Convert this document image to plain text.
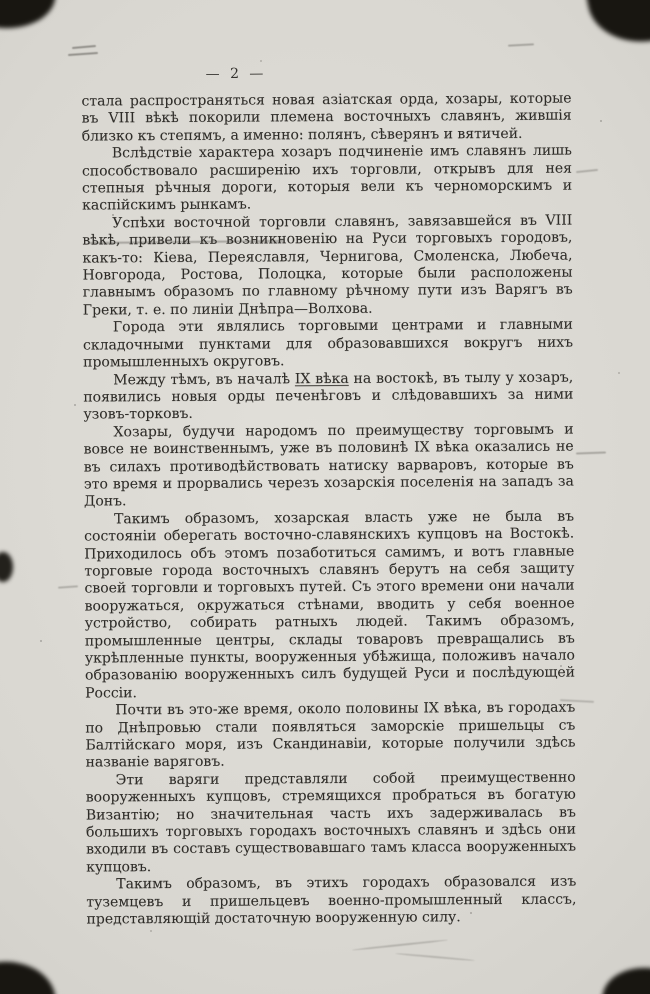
— 2 —

стала распространяться новая азіатская орда, хозары, которые въ VIII вѣкѣ покорили племена восточныхъ славянъ, жившія близко къ степямъ, а именно: полянъ, сѣверянъ и вятичей.

Вслѣдствіе характера хозаръ подчиненіе имъ славянъ лишь способствовало расширенію ихъ торговли, открывъ для нея степныя рѣчныя дороги, которыя вели къ черноморскимъ и каспійскимъ рынкамъ.

Успѣхи восточной торговли славянъ, завязавшейся въ VIII вѣкѣ, привели къ возникновенію на Руси торговыхъ городовъ, какъ-то: Кіева, Переяславля, Чернигова, Смоленска, Любеча, Новгорода, Ростова, Полоцка, которые были расположены главнымъ образомъ по главному рѣчному пути изъ Варягъ въ Греки, т. е. по линіи Днѣпра—Волхова.

Города эти являлись торговыми центрами и главными складочными пунктами для образовавшихся вокругъ нихъ промышленныхъ округовъ.

Между тѣмъ, въ началѣ IX вѣка на востокѣ, въ тылу у хозаръ, появились новыя орды печенѣговъ и слѣдовавшихъ за ними узовъ-торковъ.

Хозары, будучи народомъ по преимуществу торговымъ и вовсе не воинственнымъ, уже въ половинѣ IX вѣка оказались не въ силахъ противодѣйствовать натиску варваровъ, которые въ это время и прорвались черезъ хозарскія поселенія на западъ за Донъ.

Такимъ образомъ, хозарская власть уже не была въ состояніи оберегать восточно-славянскихъ купцовъ на Востокѣ. Приходилось объ этомъ позаботиться самимъ, и вотъ главные торговые города восточныхъ славянъ берутъ на себя защиту своей торговли и торговыхъ путей. Съ этого времени они начали вооружаться, окружаться стѣнами, вводить у себя военное устройство, собирать ратныхъ людей. Такимъ образомъ, промышленные центры, склады товаровъ превращались въ укрѣпленные пункты, вооруженныя убѣжища, положивъ начало образованію вооруженныхъ силъ будущей Руси и послѣдующей Россіи.

Почти въ это-же время, около половины IX вѣка, въ городахъ по Днѣпровью стали появляться заморскіе пришельцы съ Балтійскаго моря, изъ Скандинавіи, которые получили здѣсь названіе варяговъ.

Эти варяги представляли собой преимущественно вооруженныхъ купцовъ, стремящихся пробраться въ богатую Византію; но значительная часть ихъ задерживалась въ большихъ торговыхъ городахъ восточныхъ славянъ и здѣсь они входили въ составъ существовавшаго тамъ класса вооруженныхъ купцовъ.

Такимъ образомъ, въ этихъ городахъ образовался изъ туземцевъ и пришельцевъ военно-промышленный классъ, представляющій достаточную вооруженную силу.
